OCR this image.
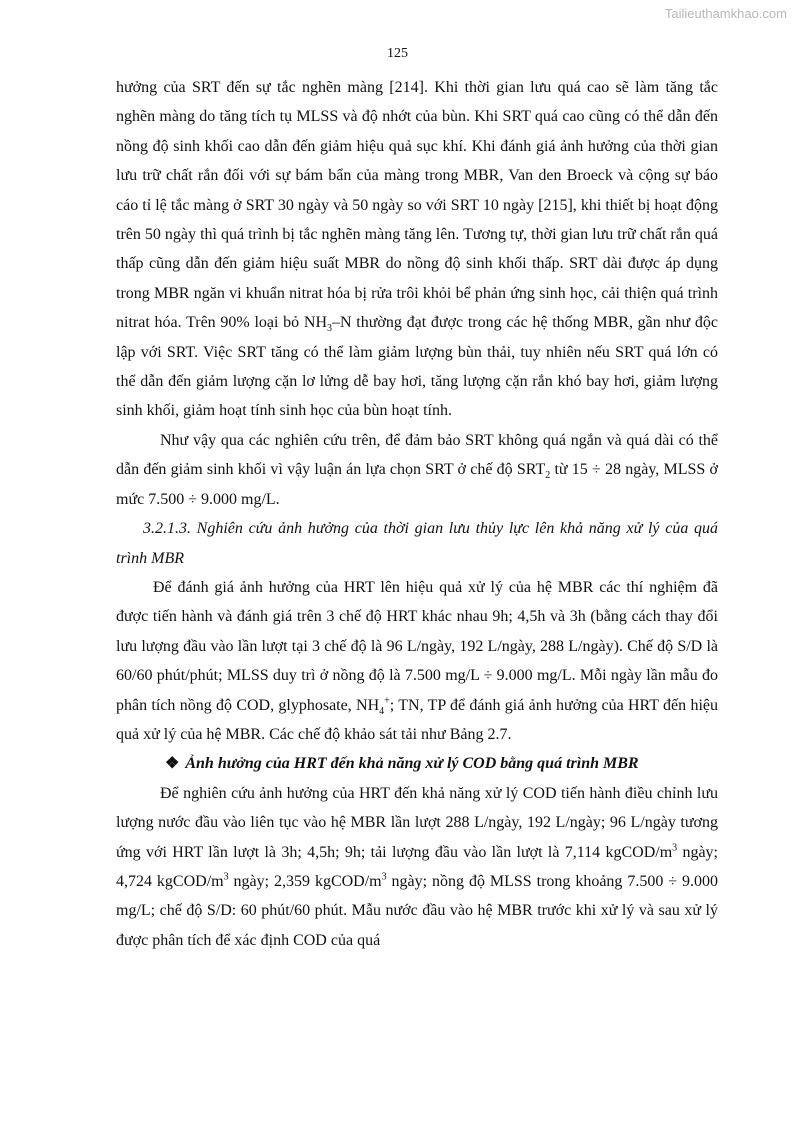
Tailieuthamkhao.com
125

hưởng của SRT đến sự tắc nghẽn màng [214]. Khi thời gian lưu quá cao sẽ làm tăng tắc nghẽn màng do tăng tích tụ MLSS và độ nhớt của bùn. Khi SRT quá cao cũng có thể dẫn đến nồng độ sinh khối cao dẫn đến giảm hiệu quả sục khí. Khi đánh giá ảnh hưởng của thời gian lưu trữ chất rắn đối với sự bám bẩn của màng trong MBR, Van den Broeck và cộng sự báo cáo tỉ lệ tắc màng ở SRT 30 ngày và 50 ngày so với SRT 10 ngày [215], khi thiết bị hoạt động trên 50 ngày thì quá trình bị tắc nghẽn màng tăng lên. Tương tự, thời gian lưu trữ chất rắn quá thấp cũng dẫn đến giảm hiệu suất MBR do nồng độ sinh khối thấp. SRT dài được áp dụng trong MBR ngăn vi khuẩn nitrat hóa bị rửa trôi khỏi bể phản ứng sinh học, cải thiện quá trình nitrat hóa. Trên 90% loại bỏ $NH_3-N$ thường đạt được trong các hệ thống MBR, gần như độc lập với SRT. Việc SRT tăng có thể làm giảm lượng bùn thải, tuy nhiên nếu SRT quá lớn có thể dẫn đến giảm lượng cặn lơ lửng dễ bay hơi, tăng lượng cặn rắn khó bay hơi, giảm lượng sinh khối, giảm hoạt tính sinh học của bùn hoạt tính.

Như vậy qua các nghiên cứu trên, để đảm bảo SRT không quá ngắn và quá dài có thể dẫn đến giảm sinh khối vì vậy luận án lựa chọn SRT ở chế độ $SRT_2$ từ 15 ÷ 28 ngày, MLSS ở mức 7.500 ÷ 9.000 mg/L.

3.2.1.3. Nghiên cứu ảnh hưởng của thời gian lưu thủy lực lên khả năng xử lý của quá trình MBR

Để đánh giá ảnh hưởng của HRT lên hiệu quả xử lý của hệ MBR các thí nghiệm đã được tiến hành và đánh giá trên 3 chế độ HRT khác nhau 9h; 4,5h và 3h (bằng cách thay đổi lưu lượng đầu vào lần lượt tại 3 chế độ là 96 L/ngày, 192 L/ngày, 288 L/ngày). Chế độ S/D là 60/60 phút/phút; MLSS duy trì ở nồng độ là 7.500 mg/L ÷ 9.000 mg/L. Mỗi ngày lần mẫu đo phân tích nồng độ COD, glyphosate, $NH_4^+$; TN, TP để đánh giá ảnh hưởng của HRT đến hiệu quả xử lý của hệ MBR. Các chế độ khảo sát tải như Bảng 2.7.

❖ Ảnh hưởng của HRT đến khả năng xử lý COD bằng quá trình MBR

Để nghiên cứu ảnh hưởng của HRT đến khả năng xử lý COD tiến hành điều chỉnh lưu lượng nước đầu vào liên tục vào hệ MBR lần lượt 288 L/ngày, 192 L/ngày; 96 L/ngày tương ứng với HRT lần lượt là 3h; 4,5h; 9h; tải lượng đầu vào lần lượt là 7,114 kgCOD/$m^3$ ngày; 4,724 kgCOD/$m^3$ ngày; 2,359 kgCOD/$m^3$ ngày; nồng độ MLSS trong khoảng 7.500 ÷ 9.000 mg/L; chế độ S/D: 60 phút/60 phút. Mẫu nước đầu vào hệ MBR trước khi xử lý và sau xử lý được phân tích để xác định COD của quá
